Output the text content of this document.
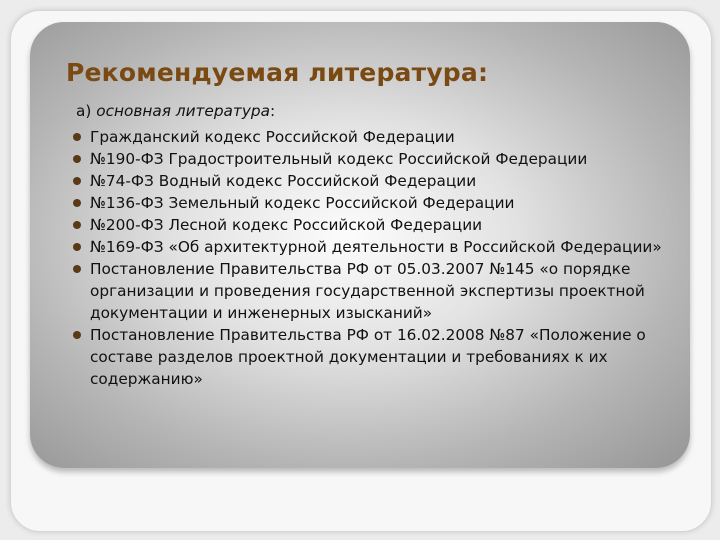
Рекомендуемая литература:

а) основная литература:

Гражданский кодекс Российской Федерации
№190-ФЗ Градостроительный кодекс Российской Федерации
№74-ФЗ Водный кодекс Российской Федерации
№136-ФЗ Земельный кодекс Российской Федерации
№200-ФЗ Лесной кодекс Российской Федерации
№169-ФЗ «Об архитектурной деятельности в Российской Федерации»
Постановление Правительства РФ от 05.03.2007 №145 «о порядке организации и проведения государственной экспертизы проектной документации и инженерных изысканий»
Постановление Правительства РФ от 16.02.2008 №87 «Положение о составе разделов проектной документации и требованиях к их содержанию»
